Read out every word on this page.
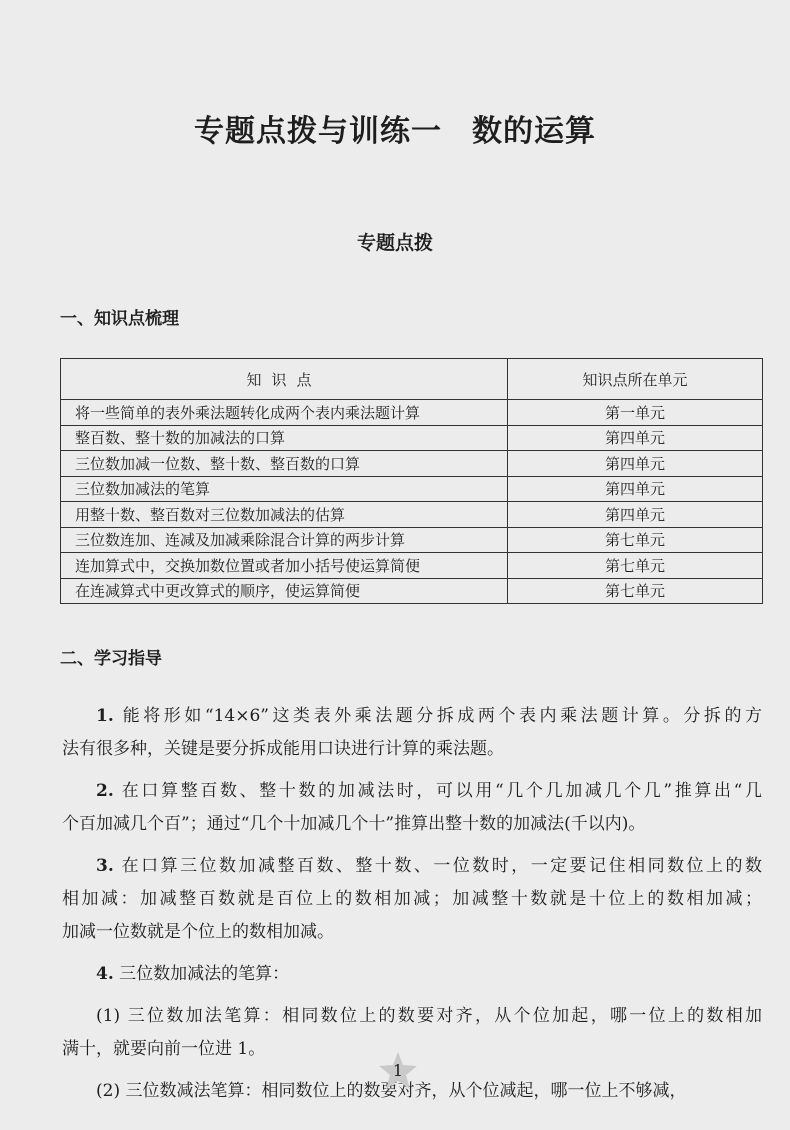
专题点拨与训练一 数的运算
专题点拨
一、知识点梳理
知识点	知识点所在单元
将一些简单的表外乘法题转化成两个表内乘法题计算	第一单元
整百数、整十数的加减法的口算	第四单元
三位数加减一位数、整十数、整百数的口算	第四单元
三位数加减法的笔算	第四单元
用整十数、整百数对三位数加减法的估算	第四单元
三位数连加、连减及加减乘除混合计算的两步计算	第七单元
连加算式中，交换加数位置或者加小括号使运算简便	第七单元
在连减算式中更改算式的顺序，使运算简便	第七单元
二、学习指导
1. 能将形如“14×6”这类表外乘法题分拆成两个表内乘法题计算。分拆的方
法有很多种，关键是要分拆成能用口诀进行计算的乘法题。
2. 在口算整百数、整十数的加减法时，可以用“几个几加减几个几”推算出“几
个百加减几个百”；通过“几个十加减几个十”推算出整十数的加减法(千以内)。
3. 在口算三位数加减整百数、整十数、一位数时，一定要记住相同数位上的数
相加减：加减整百数就是百位上的数相加减；加减整十数就是十位上的数相加减；
加减一位数就是个位上的数相加减。
4. 三位数加减法的笔算：
(1) 三位数加法笔算：相同数位上的数要对齐，从个位加起，哪一位上的数相加
满十，就要向前一位进 1。
(2) 三位数减法笔算：相同数位上的数要对齐，从个位减起，哪一位上不够减，
1
